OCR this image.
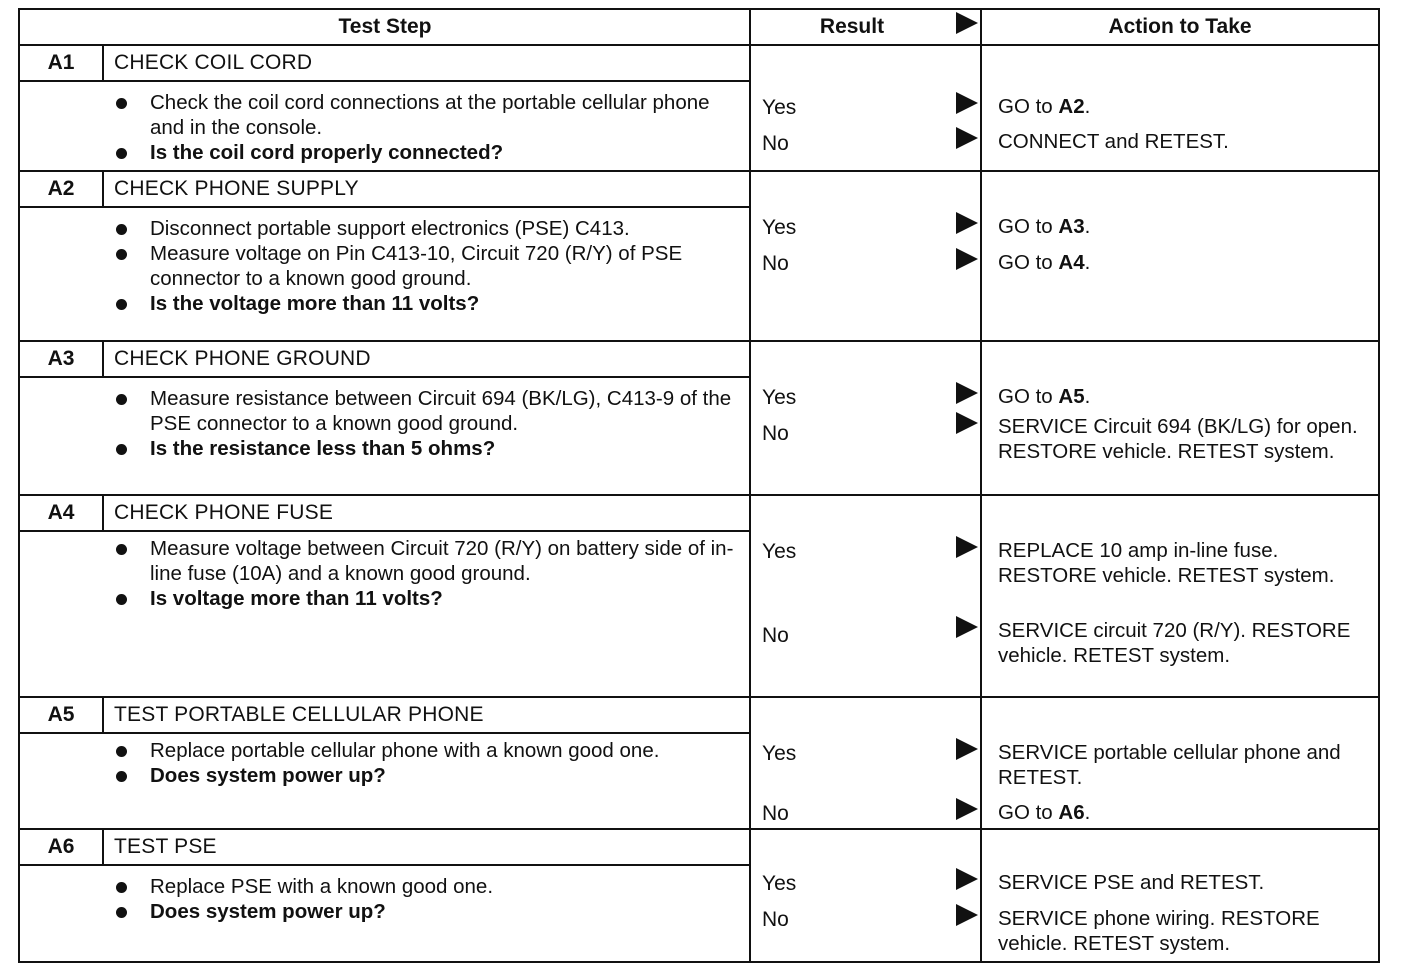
Test Step	Result	Action to Take
A1	CHECK COIL CORD
Check the coil cord connections at the portable cellular phone and in the console.
Is the coil cord properly connected?
Yes	GO to A2.
No	CONNECT and RETEST.
A2	CHECK PHONE SUPPLY
Disconnect portable support electronics (PSE) C413.
Measure voltage on Pin C413-10, Circuit 720 (R/Y) of PSE connector to a known good ground.
Is the voltage more than 11 volts?
Yes	GO to A3.
No	GO to A4.
A3	CHECK PHONE GROUND
Measure resistance between Circuit 694 (BK/LG), C413-9 of the PSE connector to a known good ground.
Is the resistance less than 5 ohms?
Yes	GO to A5.
No	SERVICE Circuit 694 (BK/LG) for open. RESTORE vehicle. RETEST system.
A4	CHECK PHONE FUSE
Measure voltage between Circuit 720 (R/Y) on battery side of in-line fuse (10A) and a known good ground.
Is voltage more than 11 volts?
Yes	REPLACE 10 amp in-line fuse. RESTORE vehicle. RETEST system.
No	SERVICE circuit 720 (R/Y). RESTORE vehicle. RETEST system.
A5	TEST PORTABLE CELLULAR PHONE
Replace portable cellular phone with a known good one.
Does system power up?
Yes	SERVICE portable cellular phone and RETEST.
No	GO to A6.
A6	TEST PSE
Replace PSE with a known good one.
Does system power up?
Yes	SERVICE PSE and RETEST.
No	SERVICE phone wiring. RESTORE vehicle. RETEST system.
